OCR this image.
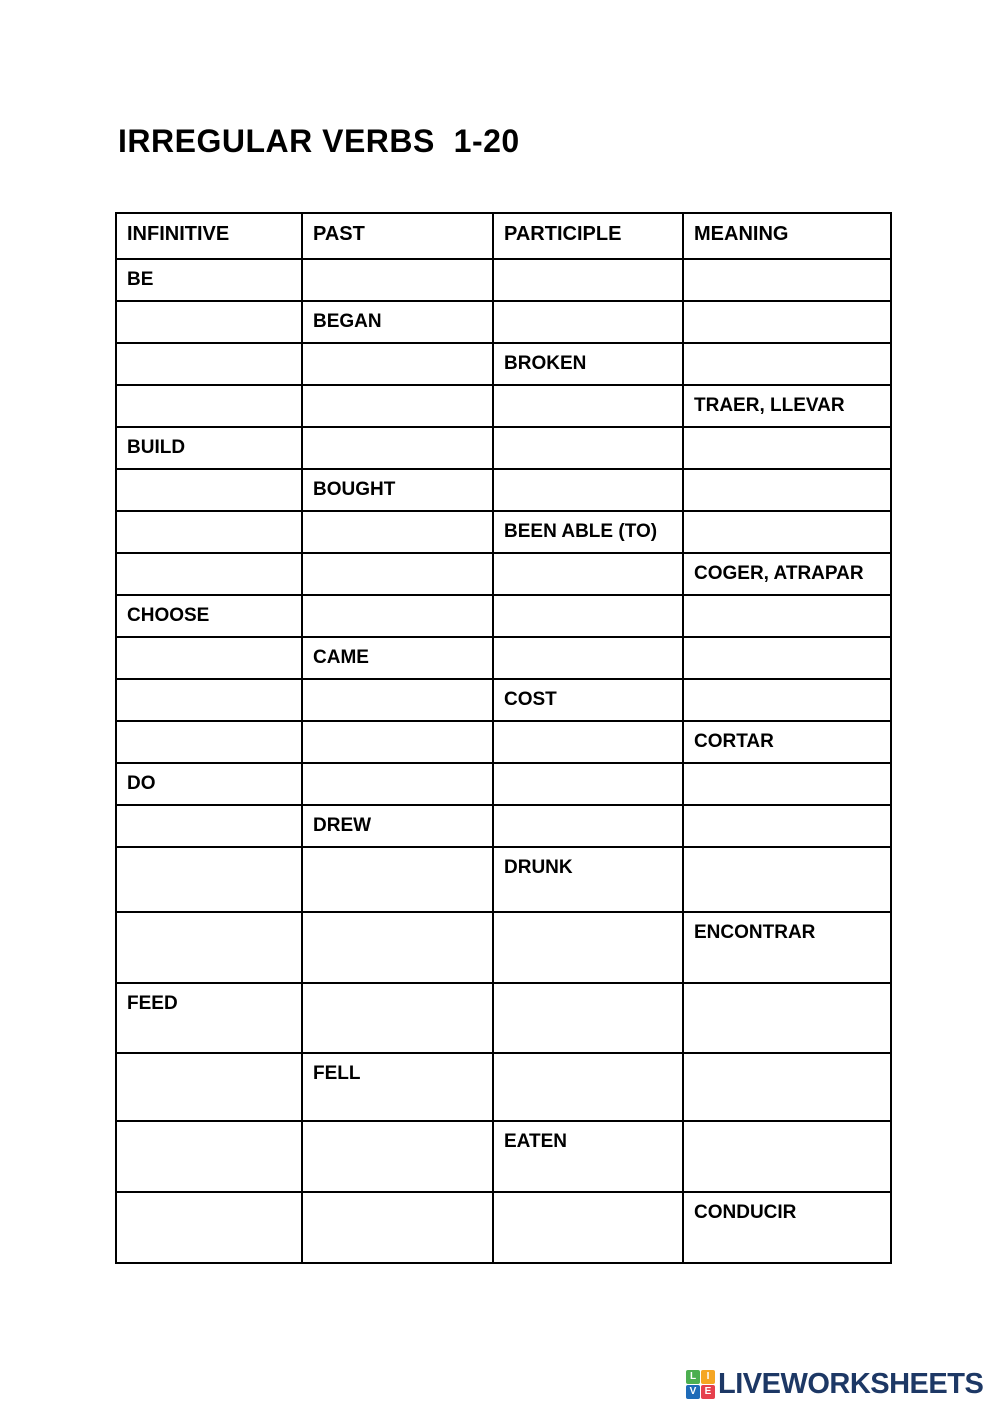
IRREGULAR VERBS  1-20
INFINITIVE	PAST	PARTICIPLE	MEANING
BE			
	BEGAN		
		BROKEN	
			TRAER, LLEVAR
BUILD			
	BOUGHT		
		BEEN ABLE (TO)	
			COGER, ATRAPAR
CHOOSE			
	CAME		
		COST	
			CORTAR
DO			
	DREW		
		DRUNK	
			ENCONTRAR
FEED			
	FELL		
		EATEN	
			CONDUCIR
L	I
V E LIVEWORKSHEETS
